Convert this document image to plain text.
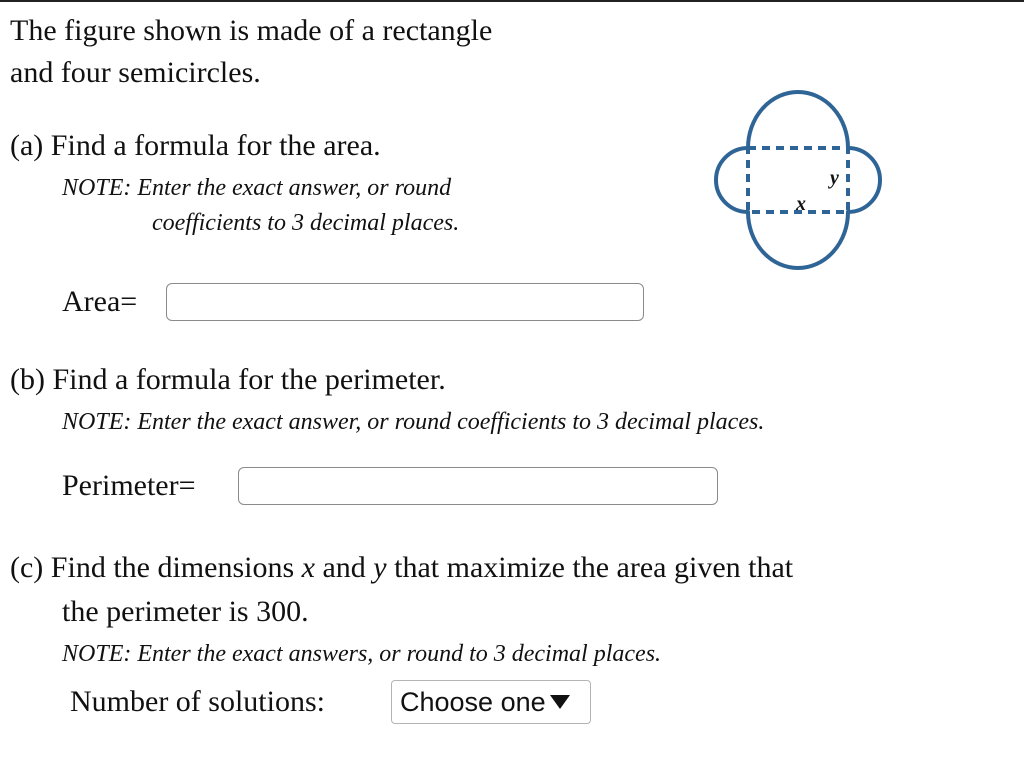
The figure shown is made of a rectangle
and four semicircles.
x
y
(a) Find a formula for the area.
NOTE: Enter the exact answer, or round
coefficients to 3 decimal places.
Area=
(b) Find a formula for the perimeter.
NOTE: Enter the exact answer, or round coefficients to 3 decimal places.
Perimeter=
(c) Find the dimensions x and y that maximize the area given that
the perimeter is 300.
NOTE: Enter the exact answers, or round to 3 decimal places.
Number of solutions:	Choose one
